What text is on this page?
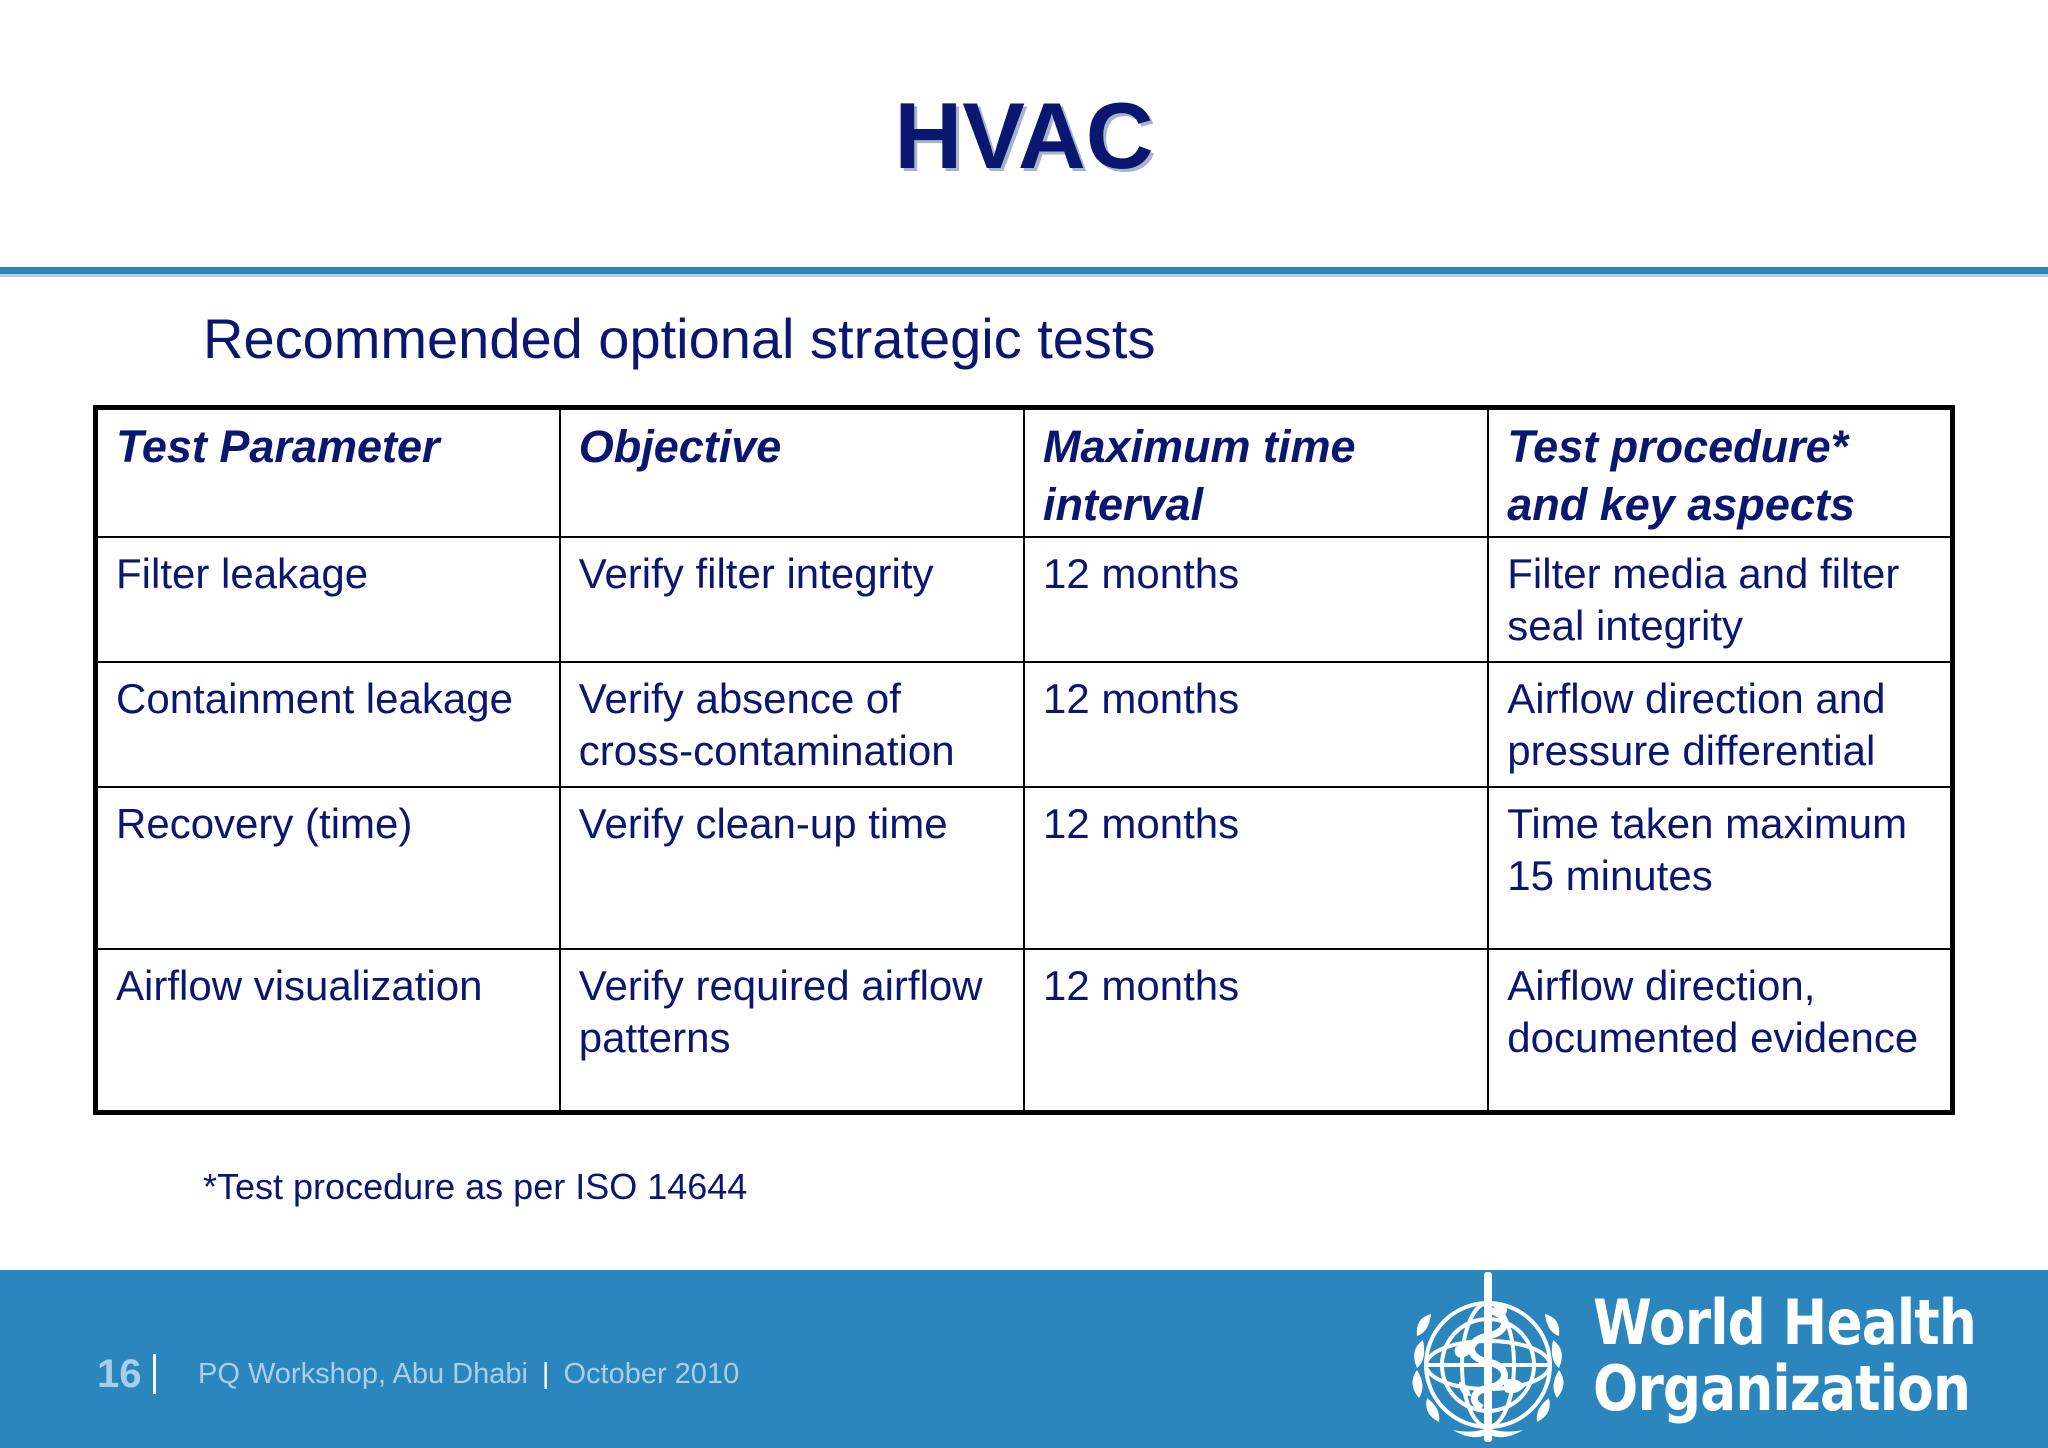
HVAC
Recommended optional strategic tests
Test Parameter	Objective	Maximum time interval	Test procedure* and key aspects
Filter leakage	Verify filter integrity	12 months	Filter media and filter seal integrity
Containment leakage	Verify absence of cross-contamination	12 months	Airflow direction and pressure differential
Recovery (time)	Verify clean-up time	12 months	Time taken maximum 15 minutes
Airflow visualization	Verify required airflow patterns	12 months	Airflow direction, documented evidence
*Test procedure as per ISO 14644
16 PQ Workshop, Abu Dhabi | October 2010
World Health
Organization
